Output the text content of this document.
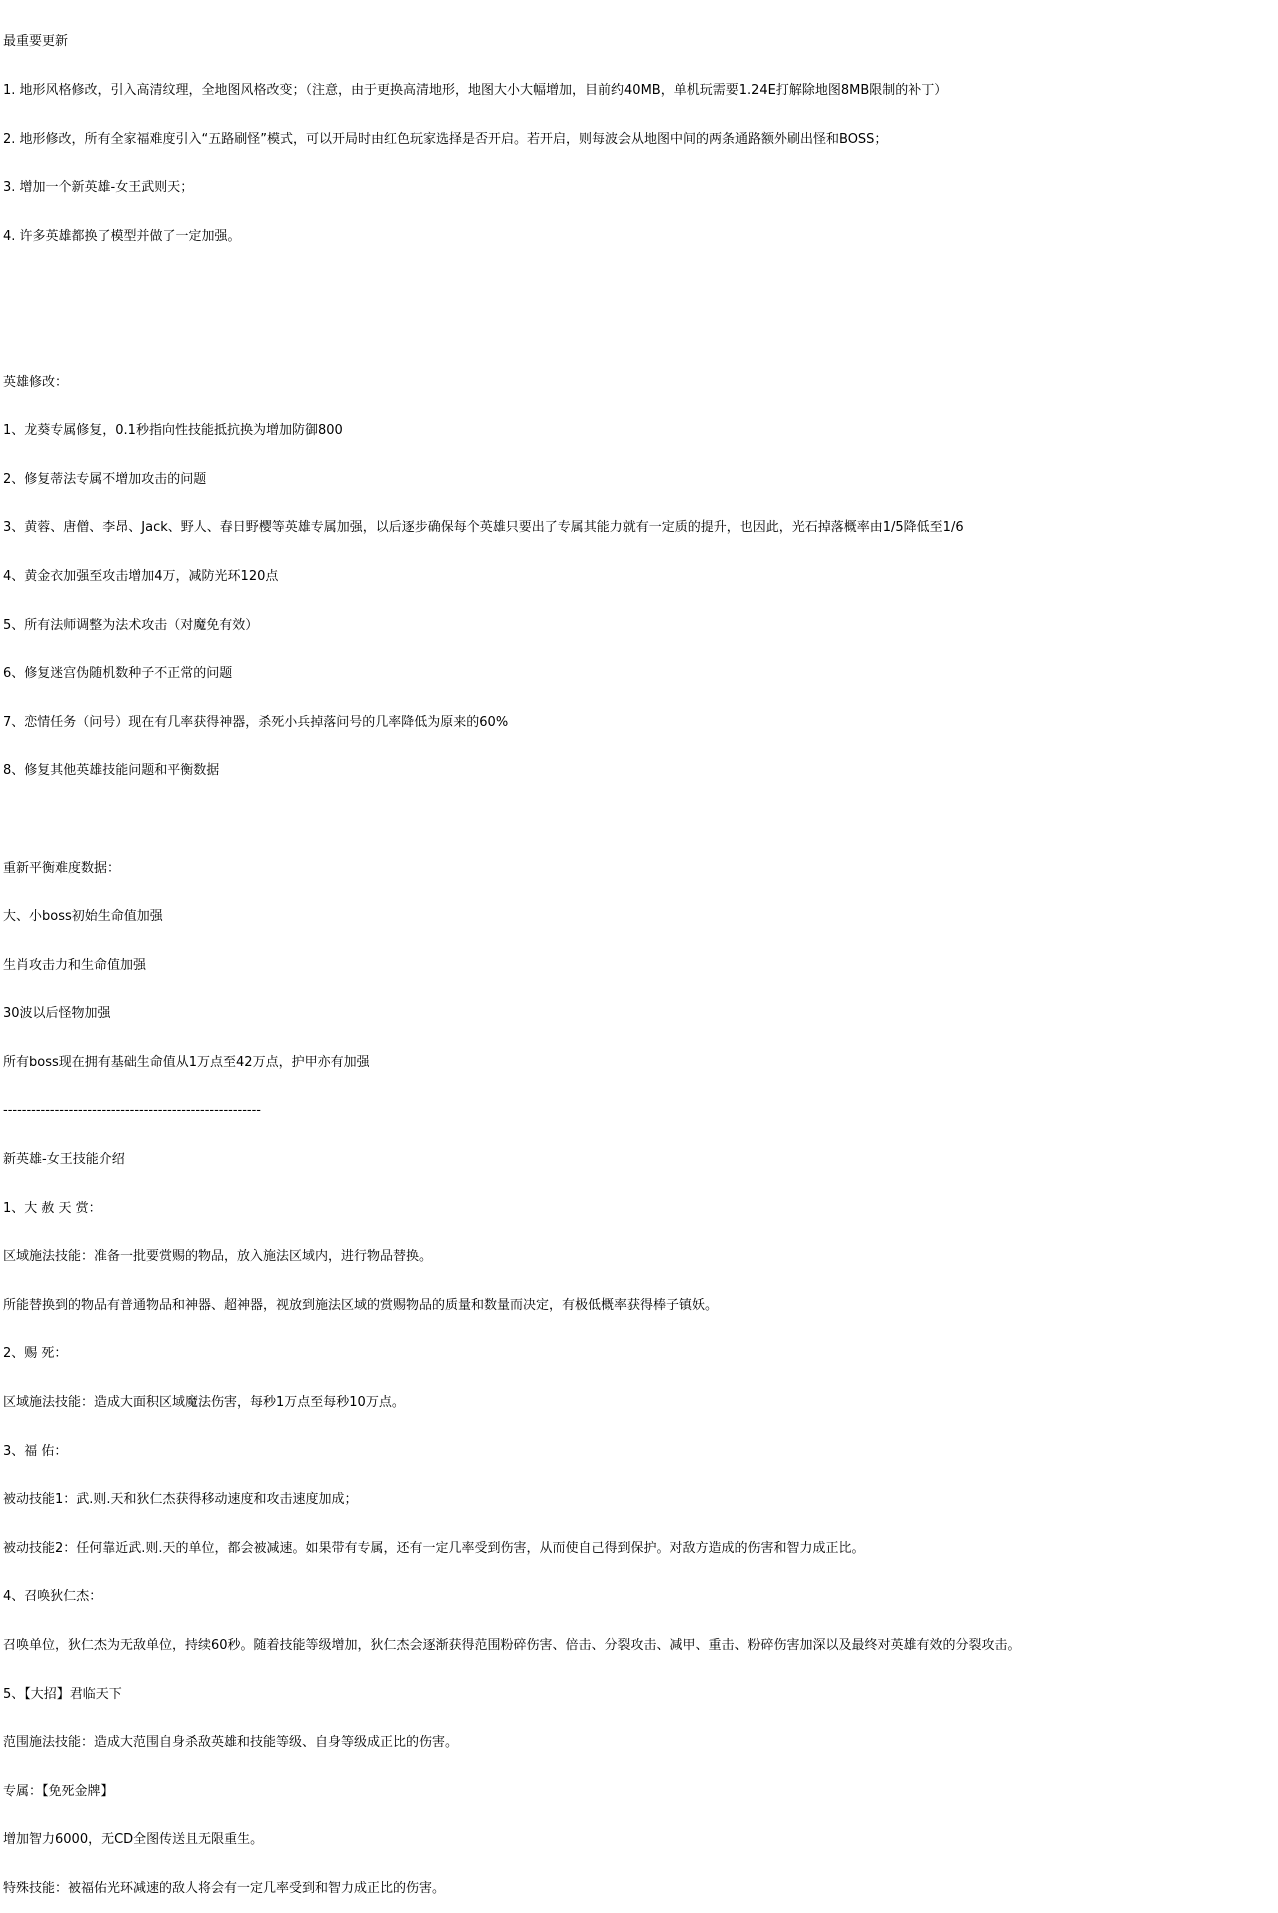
最重要更新

1. 地形风格修改，引入高清纹理，全地图风格改变；（注意，由于更换高清地形，地图大小大幅增加，目前约40MB，单机玩需要1.24E打解除地图8MB限制的补丁）

2. 地形修改，所有全家福难度引入“五路刷怪”模式，可以开局时由红色玩家选择是否开启。若开启，则每波会从地图中间的两条通路额外刷出怪和BOSS；

3. 增加一个新英雄-女王武则天；

4. 许多英雄都换了模型并做了一定加强。

英雄修改：

1、龙葵专属修复，0.1秒指向性技能抵抗换为增加防御800

2、修复蒂法专属不增加攻击的问题

3、黄蓉、唐僧、李昂、Jack、野人、春日野樱等英雄专属加强，以后逐步确保每个英雄只要出了专属其能力就有一定质的提升，也因此，光石掉落概率由1/5降低至1/6

4、黄金衣加强至攻击增加4万，减防光环120点

5、所有法师调整为法术攻击（对魔免有效）

6、修复迷宫伪随机数种子不正常的问题

7、恋情任务（问号）现在有几率获得神器，杀死小兵掉落问号的几率降低为原来的60%

8、修复其他英雄技能问题和平衡数据

重新平衡难度数据：

大、小boss初始生命值加强

生肖攻击力和生命值加强

30波以后怪物加强

所有boss现在拥有基础生命值从1万点至42万点，护甲亦有加强

-------------------------------------------------------

新英雄-女王技能介绍

1、大 赦 天 赏：

区域施法技能：准备一批要赏赐的物品，放入施法区域内，进行物品替换。

所能替换到的物品有普通物品和神器、超神器，视放到施法区域的赏赐物品的质量和数量而决定，有极低概率获得棒子镇妖。

2、赐 死：

区域施法技能：造成大面积区域魔法伤害，每秒1万点至每秒10万点。

3、福 佑：

被动技能1：武.则.天和狄仁杰获得移动速度和攻击速度加成；

被动技能2：任何靠近武.则.天的单位，都会被减速。如果带有专属，还有一定几率受到伤害，从而使自己得到保护。对敌方造成的伤害和智力成正比。

4、召唤狄仁杰：

召唤单位，狄仁杰为无敌单位，持续60秒。随着技能等级增加，狄仁杰会逐渐获得范围粉碎伤害、倍击、分裂攻击、减甲、重击、粉碎伤害加深以及最终对英雄有效的分裂攻击。

5、【大招】君临天下

范围施法技能：造成大范围自身杀敌英雄和技能等级、自身等级成正比的伤害。

专属：【免死金牌】

增加智力6000，无CD全图传送且无限重生。

特殊技能：被福佑光环减速的敌人将会有一定几率受到和智力成正比的伤害。
